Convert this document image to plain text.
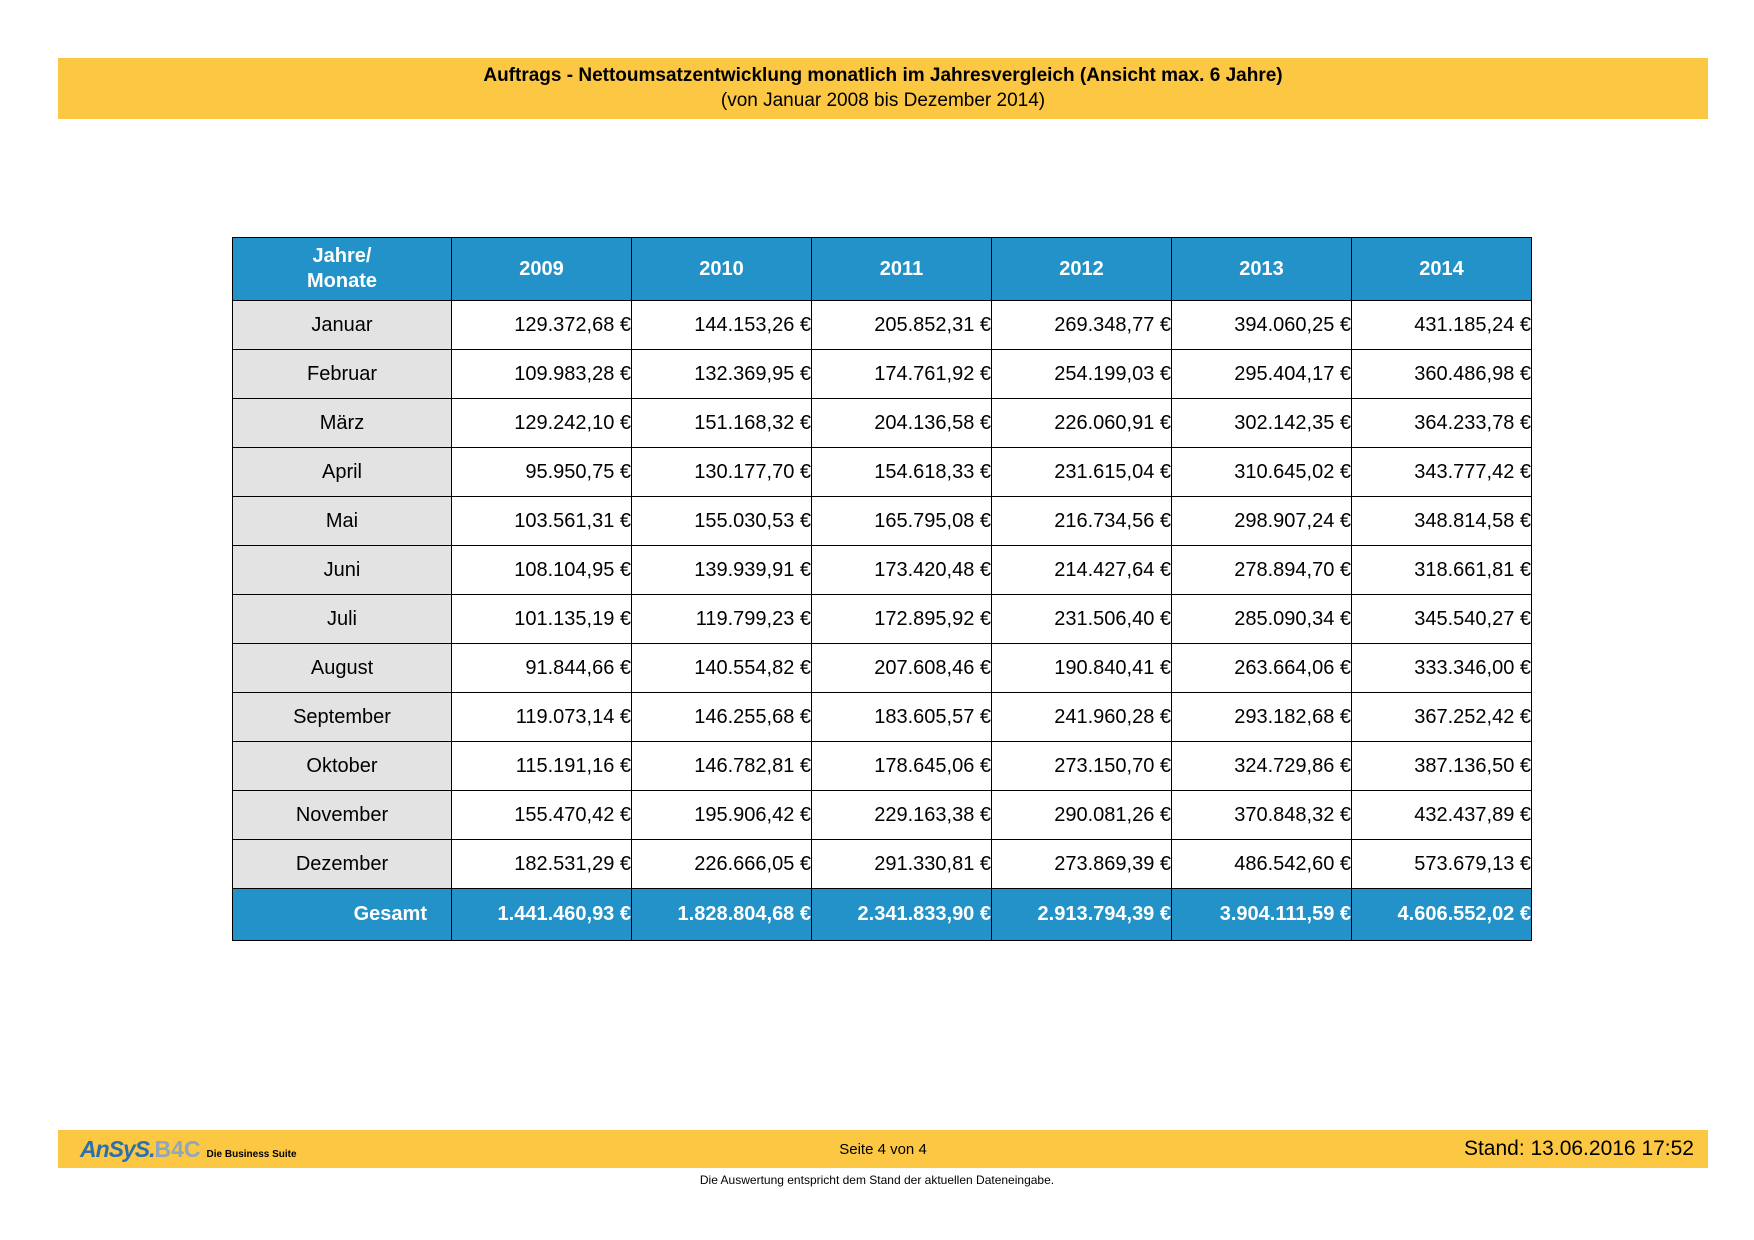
Auftrags - Nettoumsatzentwicklung monatlich im Jahresvergleich (Ansicht max. 6 Jahre)
(von Januar 2008 bis Dezember 2014)
Jahre/
Monate	2009	2010	2011	2012	2013	2014
Januar	129.372,68 €	144.153,26 €	205.852,31 €	269.348,77 €	394.060,25 €	431.185,24 €
Februar	109.983,28 €	132.369,95 €	174.761,92 €	254.199,03 €	295.404,17 €	360.486,98 €
März	129.242,10 €	151.168,32 €	204.136,58 €	226.060,91 €	302.142,35 €	364.233,78 €
April	95.950,75 €	130.177,70 €	154.618,33 €	231.615,04 €	310.645,02 €	343.777,42 €
Mai	103.561,31 €	155.030,53 €	165.795,08 €	216.734,56 €	298.907,24 €	348.814,58 €
Juni	108.104,95 €	139.939,91 €	173.420,48 €	214.427,64 €	278.894,70 €	318.661,81 €
Juli	101.135,19 €	119.799,23 €	172.895,92 €	231.506,40 €	285.090,34 €	345.540,27 €
August	91.844,66 €	140.554,82 €	207.608,46 €	190.840,41 €	263.664,06 €	333.346,00 €
September	119.073,14 €	146.255,68 €	183.605,57 €	241.960,28 €	293.182,68 €	367.252,42 €
Oktober	115.191,16 €	146.782,81 €	178.645,06 €	273.150,70 €	324.729,86 €	387.136,50 €
November	155.470,42 €	195.906,42 €	229.163,38 €	290.081,26 €	370.848,32 €	432.437,89 €
Dezember	182.531,29 €	226.666,05 €	291.330,81 €	273.869,39 €	486.542,60 €	573.679,13 €
Gesamt	1.441.460,93 €	1.828.804,68 €	2.341.833,90 €	2.913.794,39 €	3.904.111,59 €	4.606.552,02 €
AnSyS.B4C Die Business Suite	Seite 4 von 4	Stand: 13.06.2016 17:52
Die Auswertung entspricht dem Stand der aktuellen Dateneingabe.
